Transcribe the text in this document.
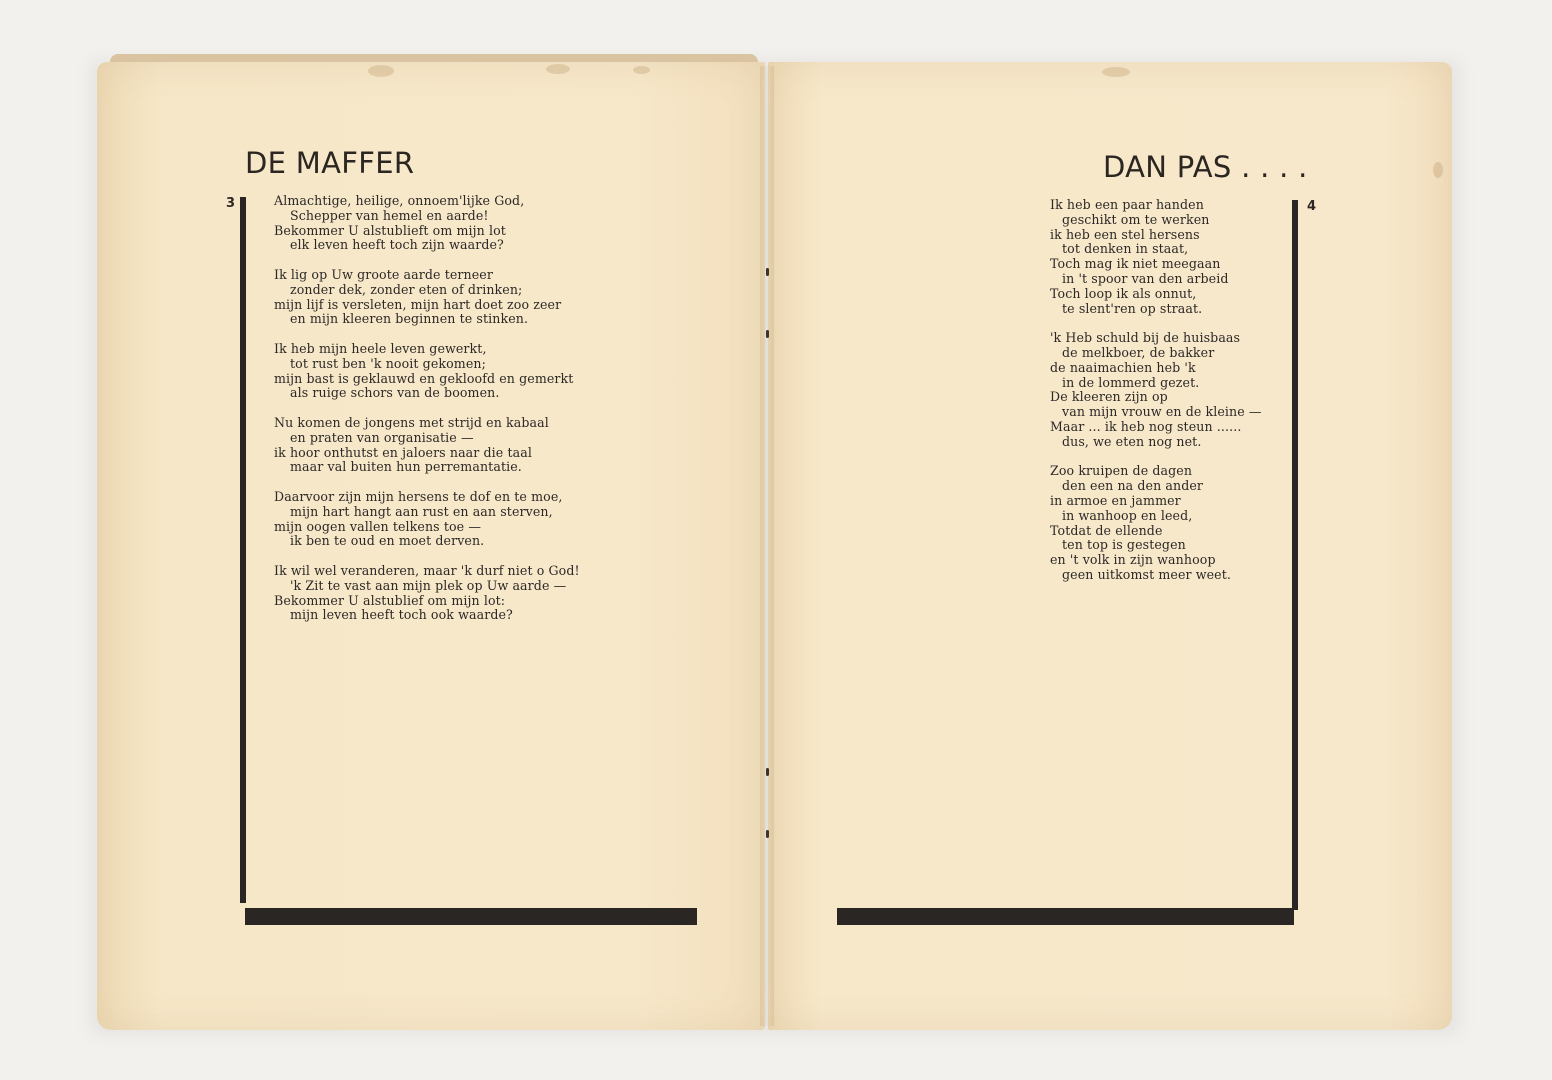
DE MAFFER
3	Almachtige, heilige, onnoem'lijke God,
Schepper van hemel en aarde!
Bekommer U alstublieft om mijn lot
elk leven heeft toch zijn waarde?
Ik lig op Uw groote aarde terneer
zonder dek, zonder eten of drinken;
mijn lijf is versleten, mijn hart doet zoo zeer
en mijn kleeren beginnen te stinken.
Ik heb mijn heele leven gewerkt,
tot rust ben 'k nooit gekomen;
mijn bast is geklauwd en gekloofd en gemerkt
als ruige schors van de boomen.
Nu komen de jongens met strijd en kabaal
en praten van organisatie —
ik hoor onthutst en jaloers naar die taal
maar val buiten hun perremantatie.
Daarvoor zijn mijn hersens te dof en te moe,
mijn hart hangt aan rust en aan sterven,
mijn oogen vallen telkens toe —
ik ben te oud en moet derven.
Ik wil wel veranderen, maar 'k durf niet o God!
'k Zit te vast aan mijn plek op Uw aarde —
Bekommer U alstublief om mijn lot:
mijn leven heeft toch ook waarde?
DAN PAS . . . .
4
Ik heb een paar handen
geschikt om te werken
ik heb een stel hersens
tot denken in staat,
Toch mag ik niet meegaan
in 't spoor van den arbeid
Toch loop ik als onnut,
te slent'ren op straat.
'k Heb schuld bij de huisbaas
de melkboer, de bakker
de naaimachien heb 'k
in de lommerd gezet.
De kleeren zijn op
van mijn vrouw en de kleine —
Maar ... ik heb nog steun ......
dus, we eten nog net.
Zoo kruipen de dagen
den een na den ander
in armoe en jammer
in wanhoop en leed,
Totdat de ellende
ten top is gestegen
en 't volk in zijn wanhoop
geen uitkomst meer weet.
